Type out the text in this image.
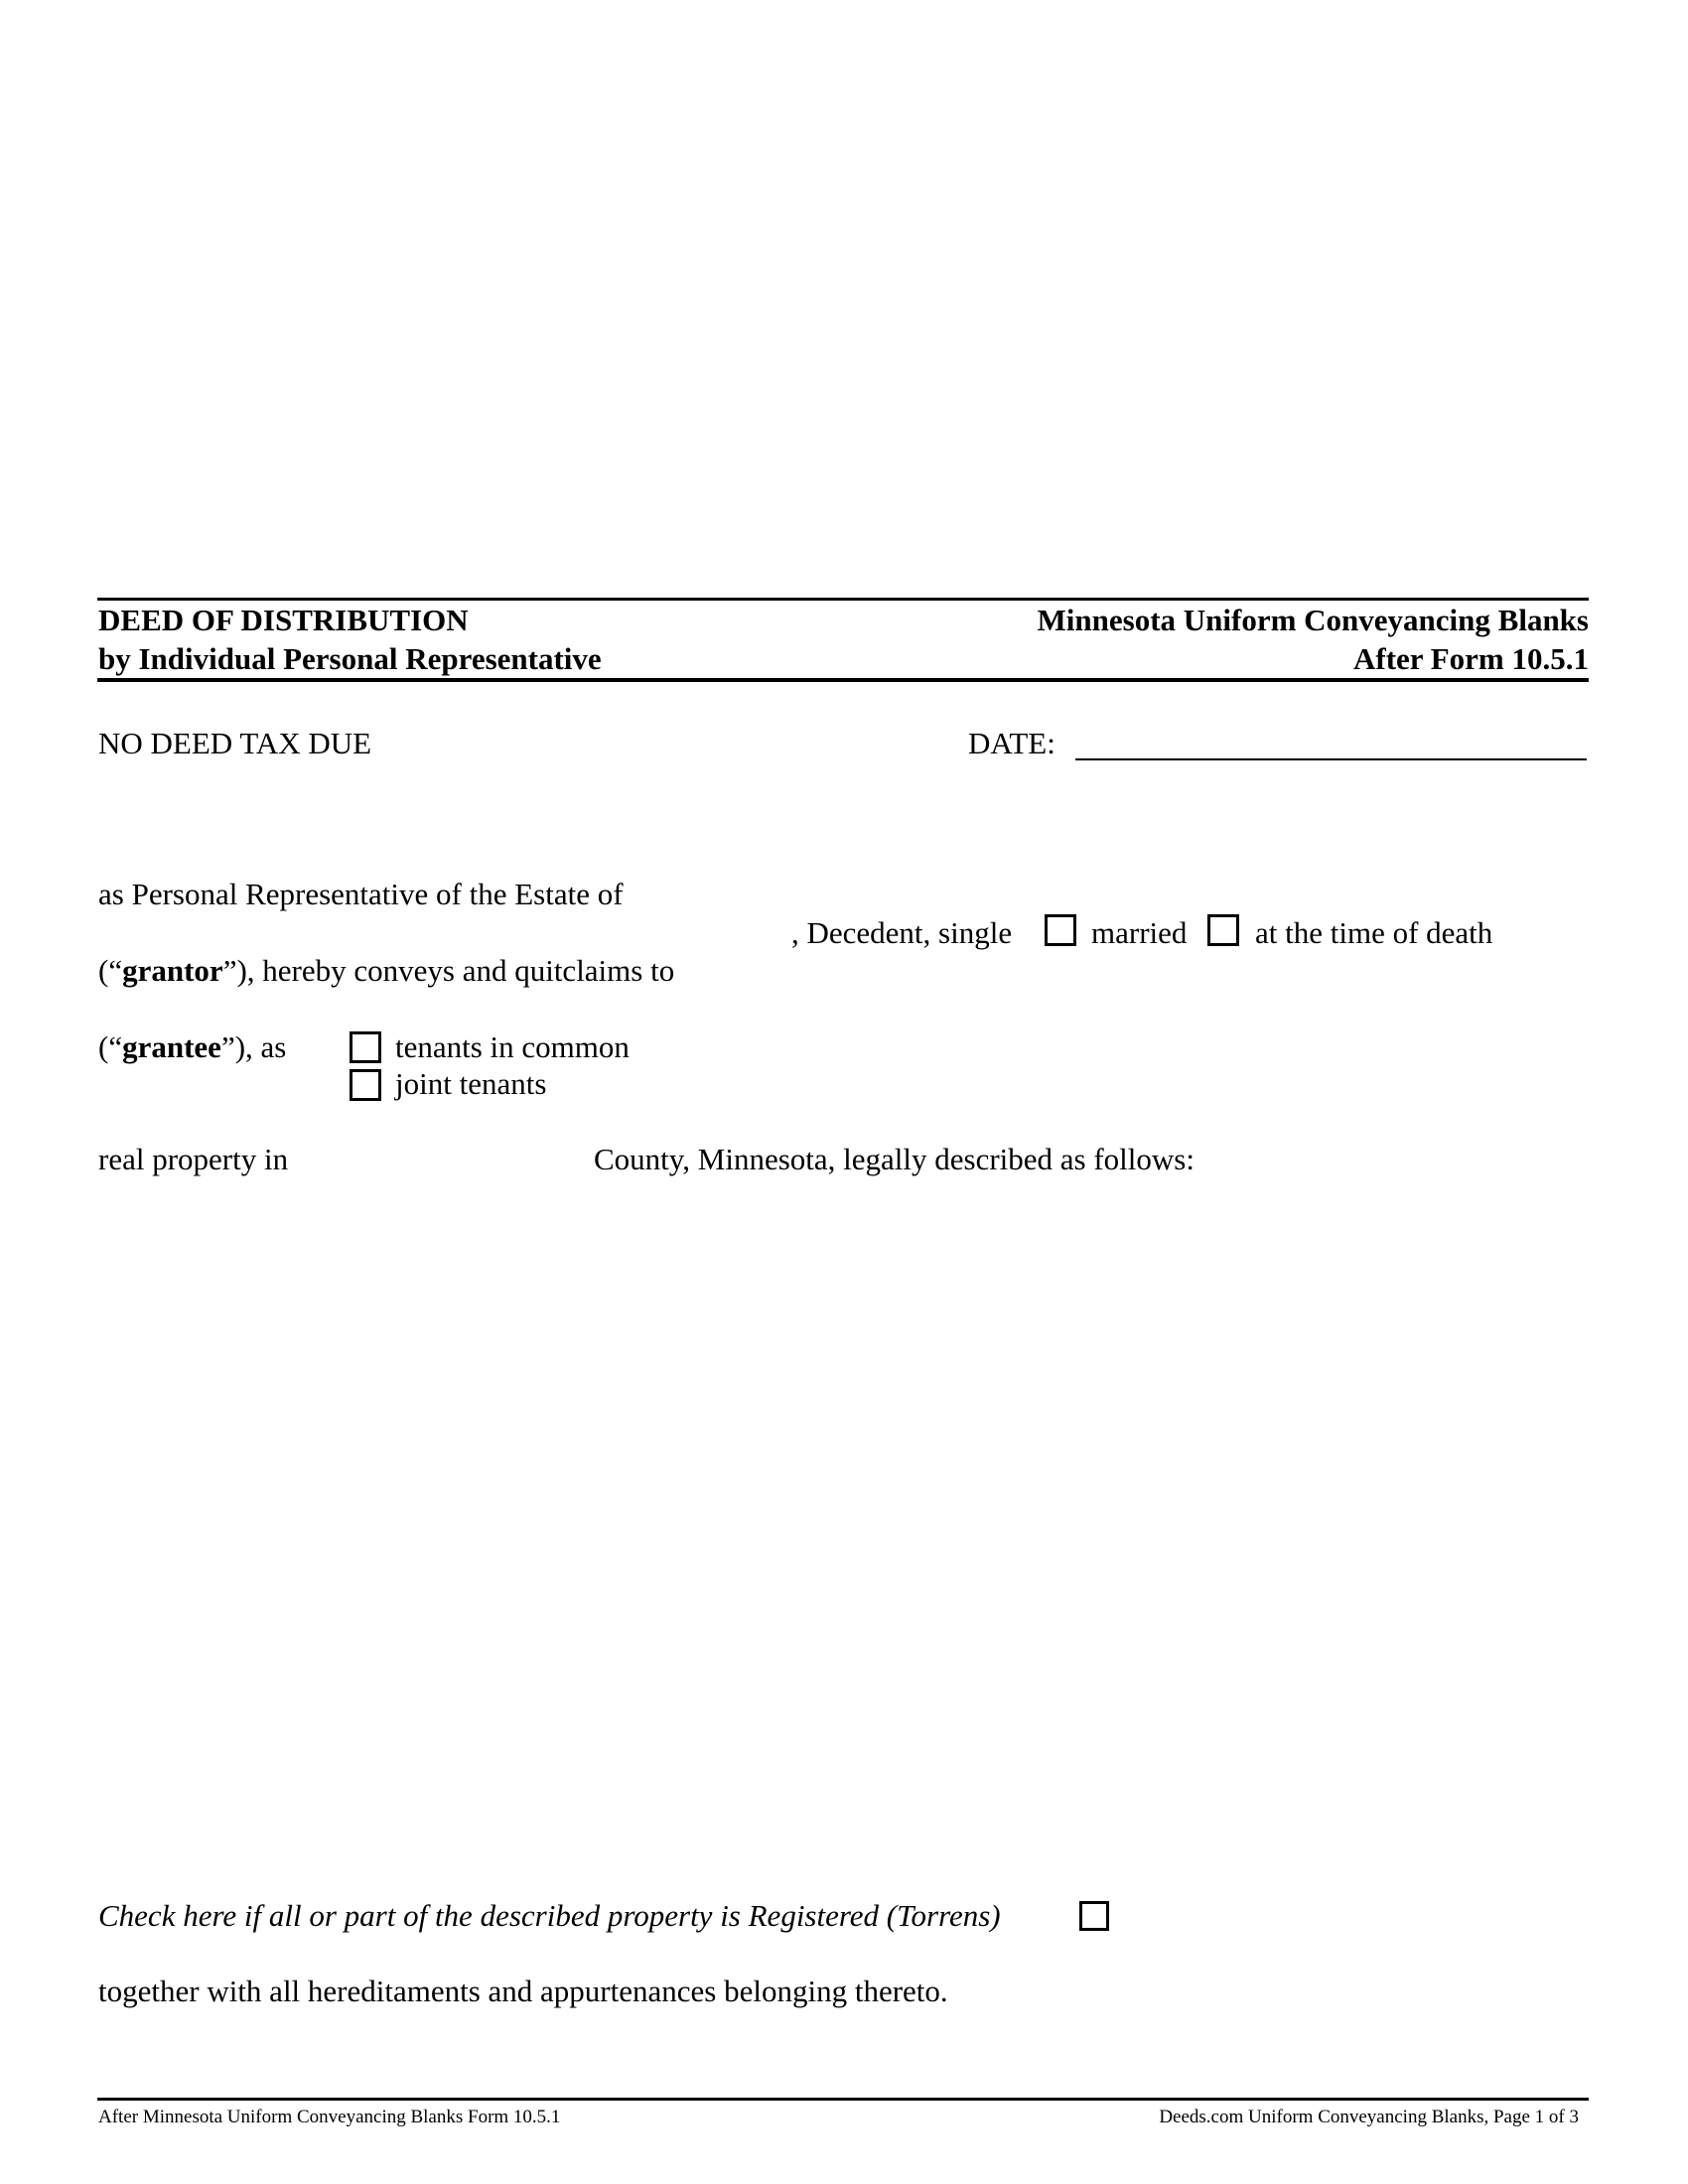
DEED OF DISTRIBUTION
by Individual Personal Representative
Minnesota Uniform Conveyancing Blanks
After Form 10.5.1
NO DEED TAX DUE	DATE:
as Personal Representative of the Estate of
, Decedent, single	married at the time of death
(“grantor”), hereby conveys and quitclaims to
(“grantee”), as	tenants in common
joint tenants
real property in	County, Minnesota, legally described as follows:
Check here if all or part of the described property is Registered (Torrens)
together with all hereditaments and appurtenances belonging thereto.
After Minnesota Uniform Conveyancing Blanks Form 10.5.1	Deeds.com Uniform Conveyancing Blanks, Page 1 of 3
